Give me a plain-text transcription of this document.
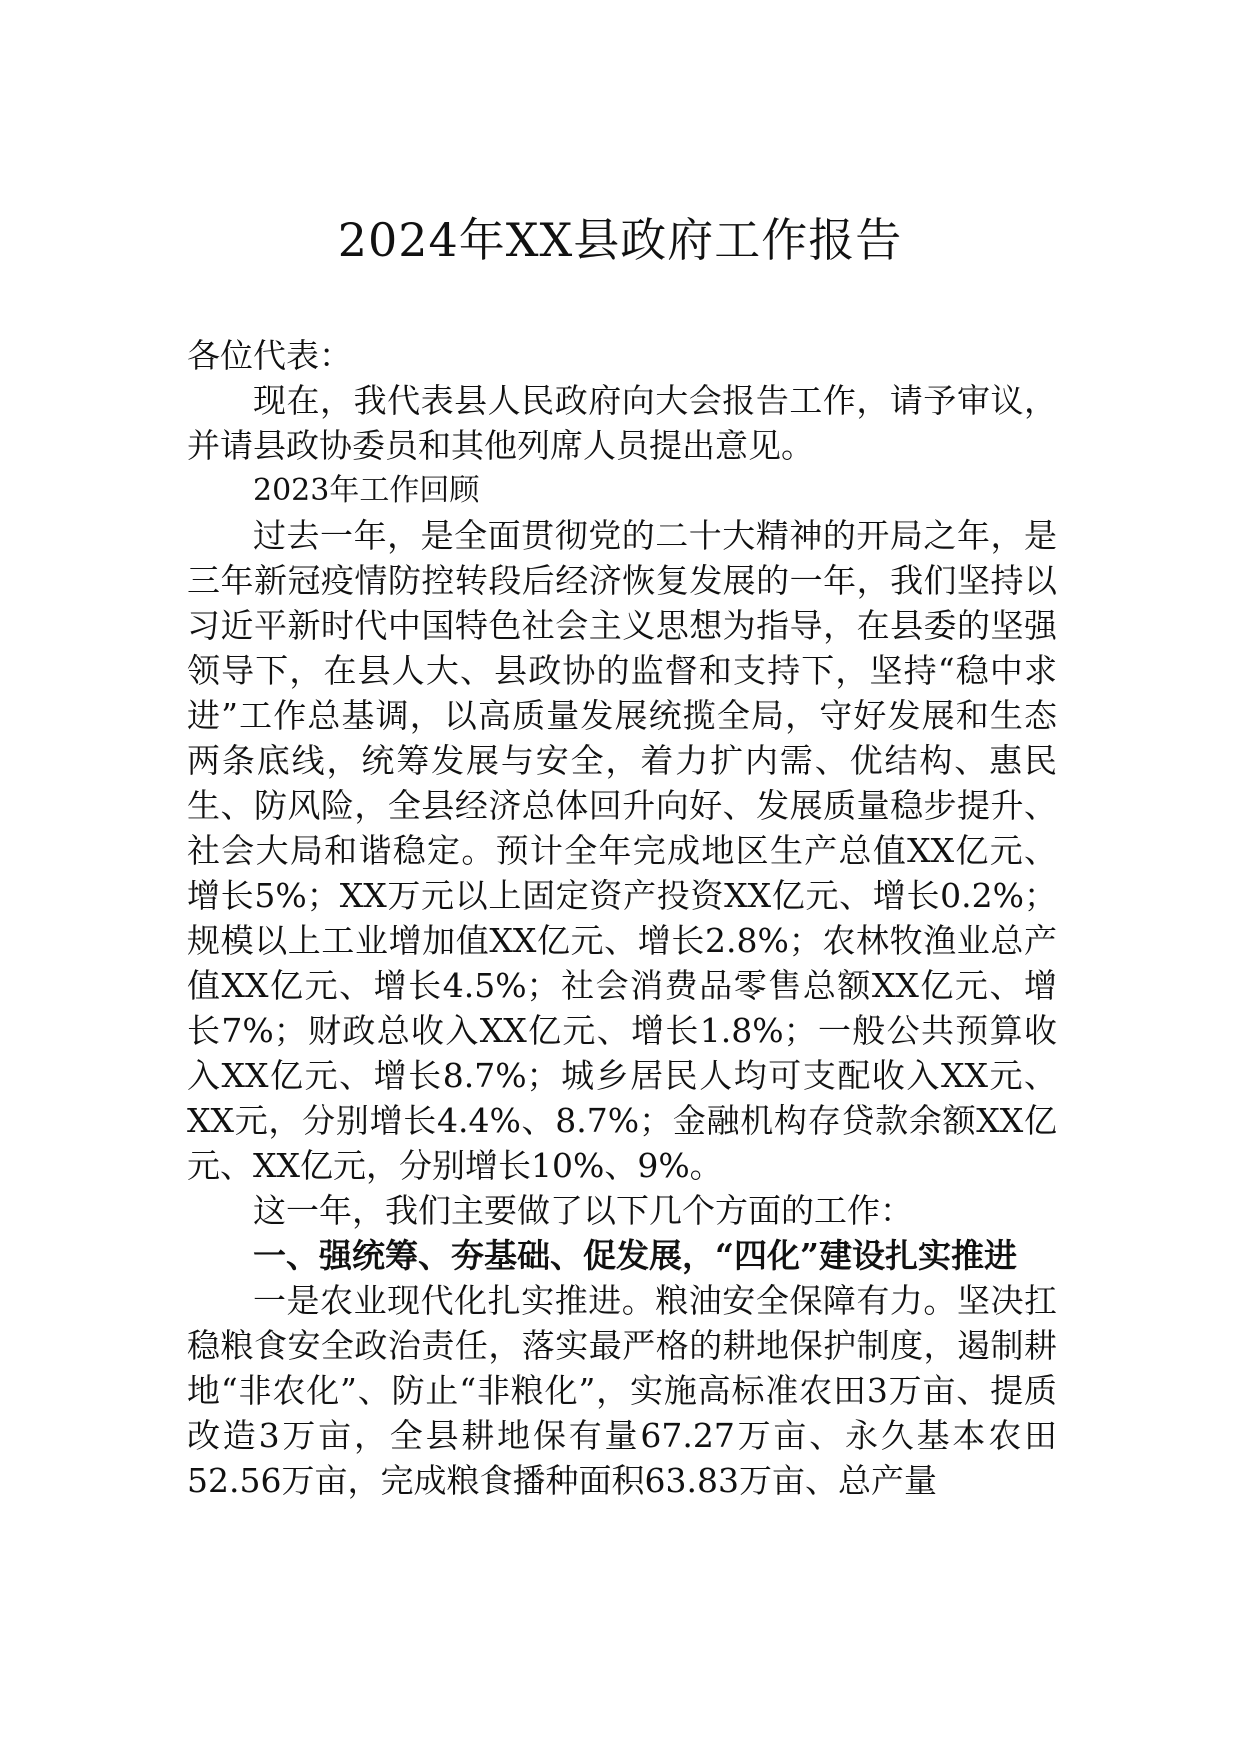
2024年XX县政府工作报告

各位代表：

现在，我代表县人民政府向大会报告工作，请予审议，并请县政协委员和其他列席人员提出意见。

2023年工作回顾

过去一年，是全面贯彻党的二十大精神的开局之年，是三年新冠疫情防控转段后经济恢复发展的一年，我们坚持以习近平新时代中国特色社会主义思想为指导，在县委的坚强领导下，在县人大、县政协的监督和支持下，坚持“稳中求进”工作总基调，以高质量发展统揽全局，守好发展和生态两条底线，统筹发展与安全，着力扩内需、优结构、惠民生、防风险，全县经济总体回升向好、发展质量稳步提升、社会大局和谐稳定。预计全年完成地区生产总值XX亿元、增长5%；XX万元以上固定资产投资XX亿元、增长0.2%；规模以上工业增加值XX亿元、增长2.8%；农林牧渔业总产值XX亿元、增长4.5%；社会消费品零售总额XX亿元、增长7%；财政总收入XX亿元、增长1.8%；一般公共预算收入XX亿元、增长8.7%；城乡居民人均可支配收入XX元、XX元，分别增长4.4%、8.7%；金融机构存贷款余额XX亿元、XX亿元，分别增长10%、9%。

这一年，我们主要做了以下几个方面的工作：

一、强统筹、夯基础、促发展，“四化”建设扎实推进

一是农业现代化扎实推进。粮油安全保障有力。坚决扛稳粮食安全政治责任，落实最严格的耕地保护制度，遏制耕地“非农化”、防止“非粮化”，实施高标准农田3万亩、提质改造3万亩，全县耕地保有量67.27万亩、永久基本农田52.56万亩，完成粮食播种面积63.83万亩、总产量
